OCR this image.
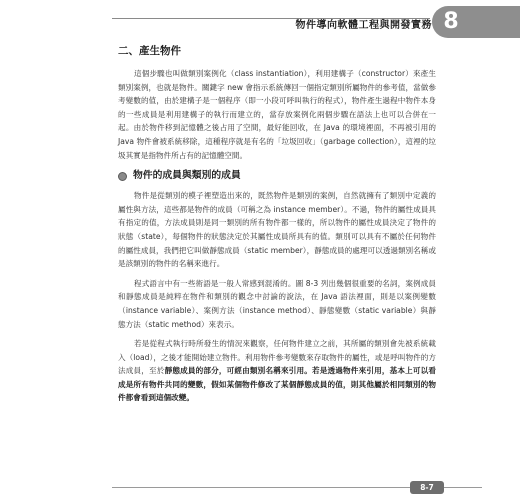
物件導向軟體工程與開發實務 8
二、產生物件

這個步驟也叫做類別案例化（class instantiation），利用建構子（constructor）來產生類別案例，也就是物件。關鍵字 new 會指示系統傳回一個指定類別所屬物件的參考值，當做參考變數的值，由於建構子是一個程序（即一小段可呼叫執行的程式），物件產生過程中物件本身的一些成員是利用建構子的執行而建立的，當存放案例化兩個步驟在語法上也可以合併在一起。由於物件移到記憶體之後占用了空間，最好能回收，在 Java 的環境裡面，不再被引用的 Java 物件會被系統移除，這種程序就是有名的「垃圾回收」（garbage collection），這裡的垃圾其實是指物件所占有的記憶體空間。

物件的成員與類別的成員

物件是從類別的模子裡塑造出來的，既然物件是類別的案例，自然就擁有了類別中定義的屬性與方法，這些都是物件的成員（可稱之為 instance member）。不過，物件的屬性成員具有指定的值，方法成員則是同一類別的所有物件都一樣的，所以物件的屬性成員決定了物件的狀態（state），每個物件的狀態決定於其屬性成員所具有的值。類別可以具有不屬於任何物件的屬性成員，我們把它叫做靜態成員（static member），靜態成員的處理可以透過類別名稱或是該類別的物件的名稱來進行。

程式語言中有一些術語是一般人常感到混淆的。圖 8-3 列出幾個很重要的名詞，案例成員和靜態成員是純粹在物件和類別的觀念中討論的說法，在 Java 語法裡面，則是以案例變數（instance variable）、案例方法（instance method）、靜態變數（static variable）與靜態方法（static method）來表示。

若是從程式執行時所發生的情況來觀察，任何物件建立之前，其所屬的類別會先被系統載入（load），之後才能開始建立物件。利用物件參考變數來存取物件的屬性，或是呼叫物件的方法成員，至於靜態成員的部分，可經由類別名稱來引用。若是透過物件來引用，基本上可以看成是所有物件共同的變數，假如某個物件修改了某個靜態成員的值，則其他屬於相同類別的物件都會看到這個改變。

8-7
